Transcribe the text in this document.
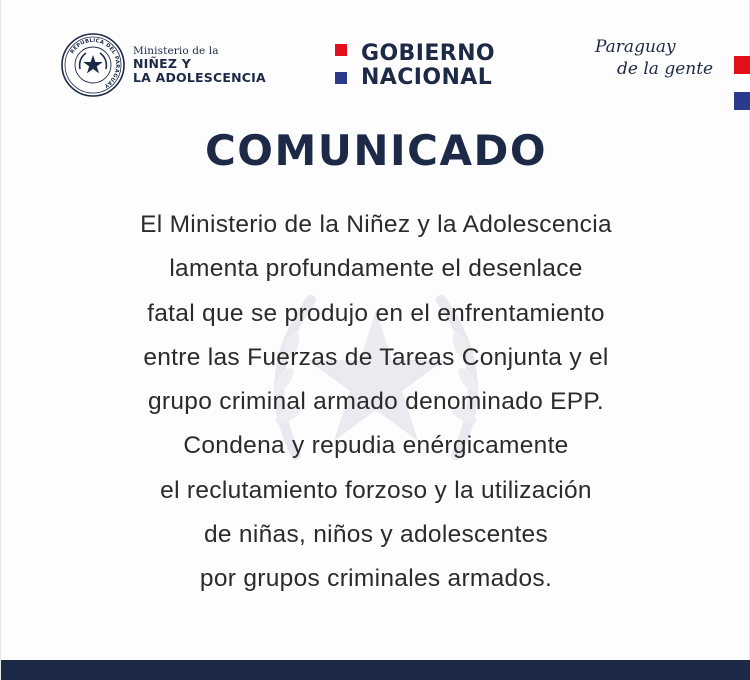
REPÚBLICA DEL PARAGUAY
Ministerio de la
NIÑEZ Y
LA ADOLESCENCIA
GOBIERNO
NACIONAL
Paraguay
de la gente
COMUNICADO
El Ministerio de la Niñez y la Adolescencia
lamenta profundamente el desenlace
fatal que se produjo en el enfrentamiento
entre las Fuerzas de Tareas Conjunta y el
grupo criminal armado denominado EPP.
Condena y repudia enérgicamente
el reclutamiento forzoso y la utilización
de niñas, niños y adolescentes
por grupos criminales armados.
